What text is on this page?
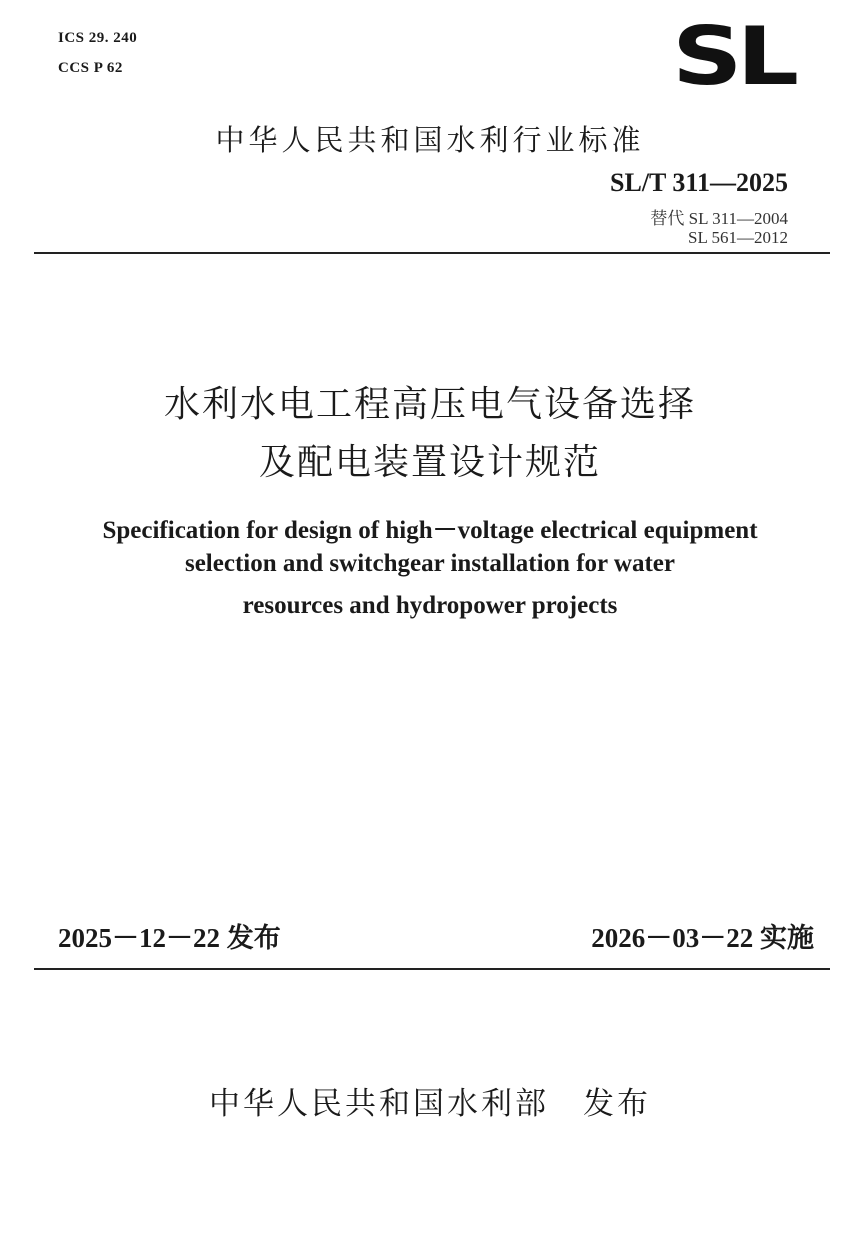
ICS 29. 240
CCS P 62	SL
中华人民共和国水利行业标准
SL/T 311—2025
替代 SL 311—2004
SL 561—2012
水利水电工程高压电气设备选择
及配电装置设计规范
Specification for design of high－voltage electrical equipment
selection and switchgear installation for water
resources and hydropower projects
2025－12－22 发布	2026－03－22 实施
中华人民共和国水利部　发布
